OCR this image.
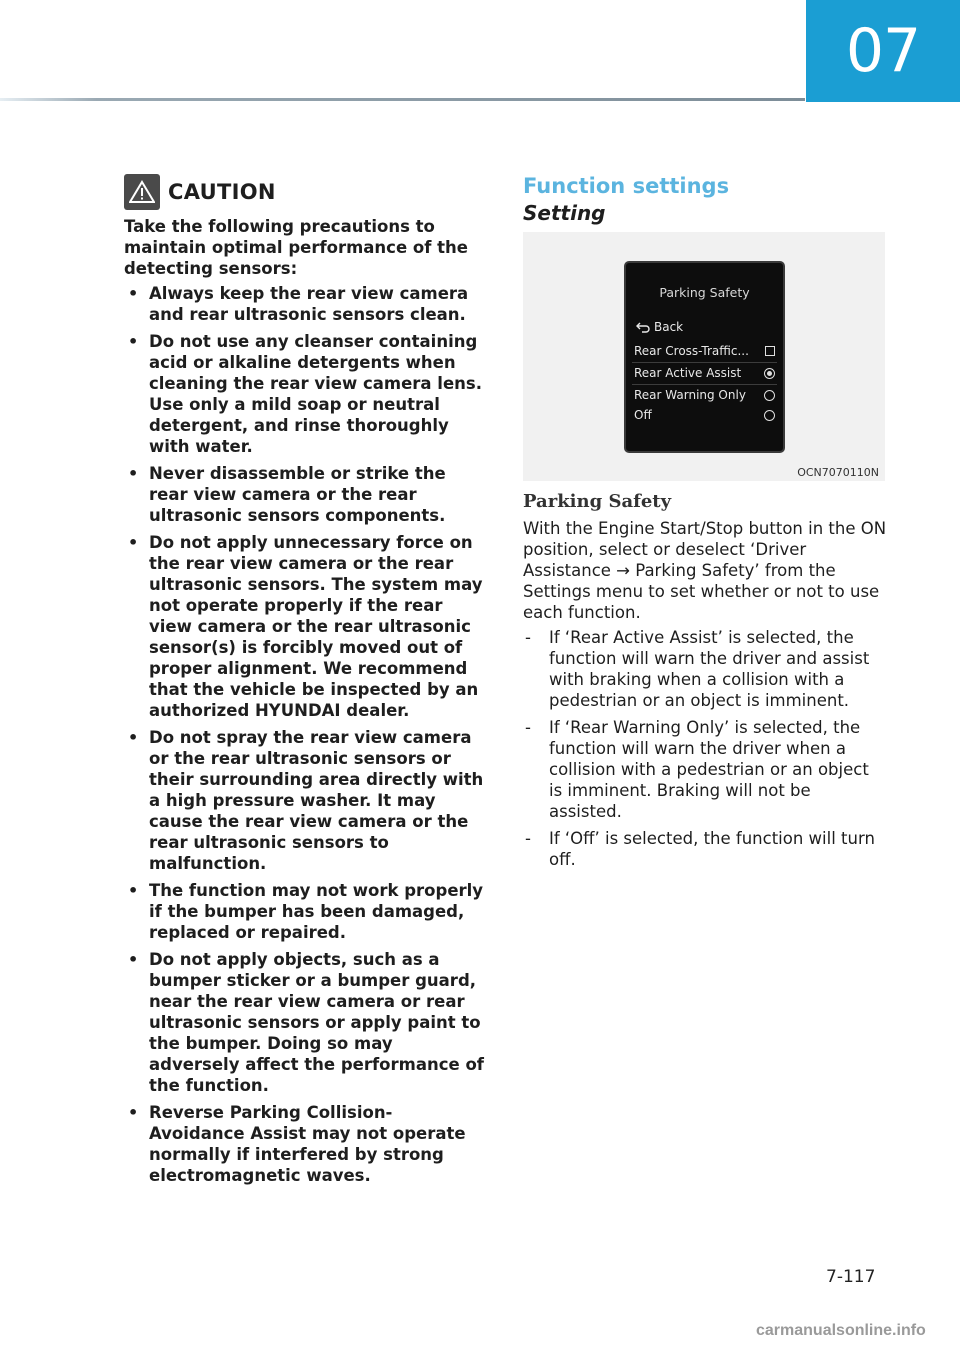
07
CAUTION

Take the following precautions to maintain optimal performance of the detecting sensors:

• Always keep the rear view camera and rear ultrasonic sensors clean.
• Do not use any cleanser containing acid or alkaline detergents when cleaning the rear view camera lens. Use only a mild soap or neutral detergent, and rinse thoroughly with water.
• Never disassemble or strike the rear view camera or the rear ultrasonic sensors components.
• Do not apply unnecessary force on the rear view camera or the rear ultrasonic sensors. The system may not operate properly if the rear view camera or the rear ultrasonic sensor(s) is forcibly moved out of proper alignment. We recommend that the vehicle be inspected by an authorized HYUNDAI dealer.
• Do not spray the rear view camera or the rear ultrasonic sensors or their surrounding area directly with a high pressure washer. It may cause the rear view camera or the rear ultrasonic sensors to malfunction.
• The function may not work properly if the bumper has been damaged, replaced or repaired.
• Do not apply objects, such as a bumper sticker or a bumper guard, near the rear view camera or rear ultrasonic sensors or apply paint to the bumper. Doing so may adversely affect the performance of the function.
• Reverse Parking Collision-Avoidance Assist may not operate normally if interfered by strong electromagnetic waves.
Function settings
Setting
Parking Safety
Back
Rear Cross-Traffic...
Rear Active Assist
Rear Warning Only
Off
OCN7070110N
Parking Safety

With the Engine Start/Stop button in the ON position, select or deselect ‘Driver Assistance → Parking Safety’ from the Settings menu to set whether or not to use each function.

- If ‘Rear Active Assist’ is selected, the function will warn the driver and assist with braking when a collision with a pedestrian or an object is imminent.
- If ‘Rear Warning Only’ is selected, the function will warn the driver when a collision with a pedestrian or an object is imminent. Braking will not be assisted.
- If ‘Off’ is selected, the function will turn off.
7-117
carmanualsonline.info
